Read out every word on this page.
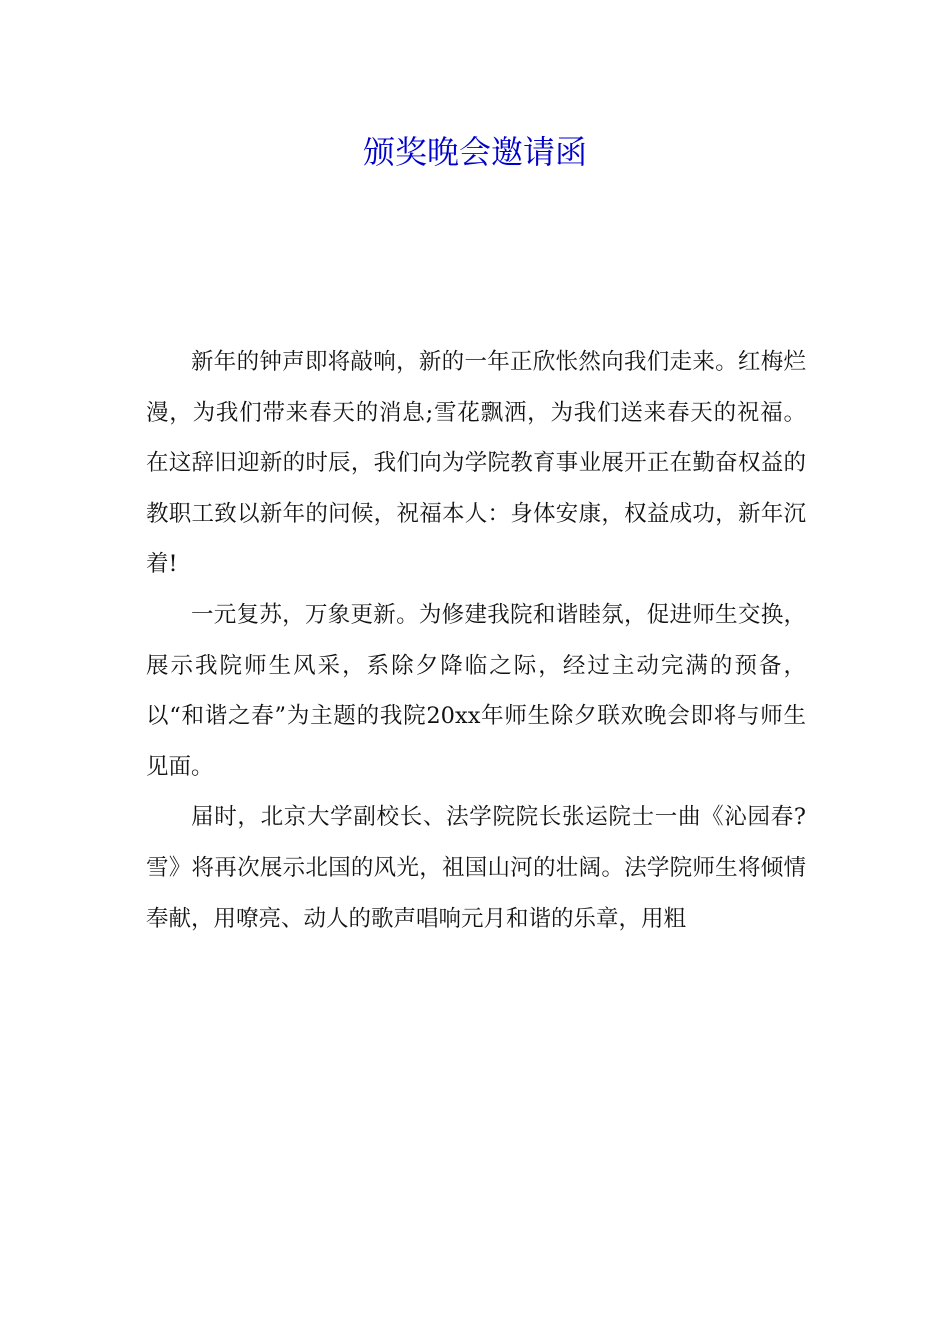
颁奖晚会邀请函

新年的钟声即将敲响，新的一年正欣怅然向我们走来。红梅烂漫，为我们带来春天的消息;雪花飘洒，为我们送来春天的祝福。在这辞旧迎新的时辰，我们向为学院教育事业展开正在勤奋权益的教职工致以新年的问候，祝福本人：身体安康，权益成功，新年沉着!

一元复苏，万象更新。为修建我院和谐睦氛，促进师生交换，展示我院师生风采，系除夕降临之际，经过主动完满的预备，以“和谐之春”为主题的我院20xx年师生除夕联欢晚会即将与师生见面。

届时，北京大学副校长、法学院院长张运院士一曲《沁园春?雪》将再次展示北国的风光，祖国山河的壮阔。法学院师生将倾情奉献，用嘹亮、动人的歌声唱响元月和谐的乐章，用粗
